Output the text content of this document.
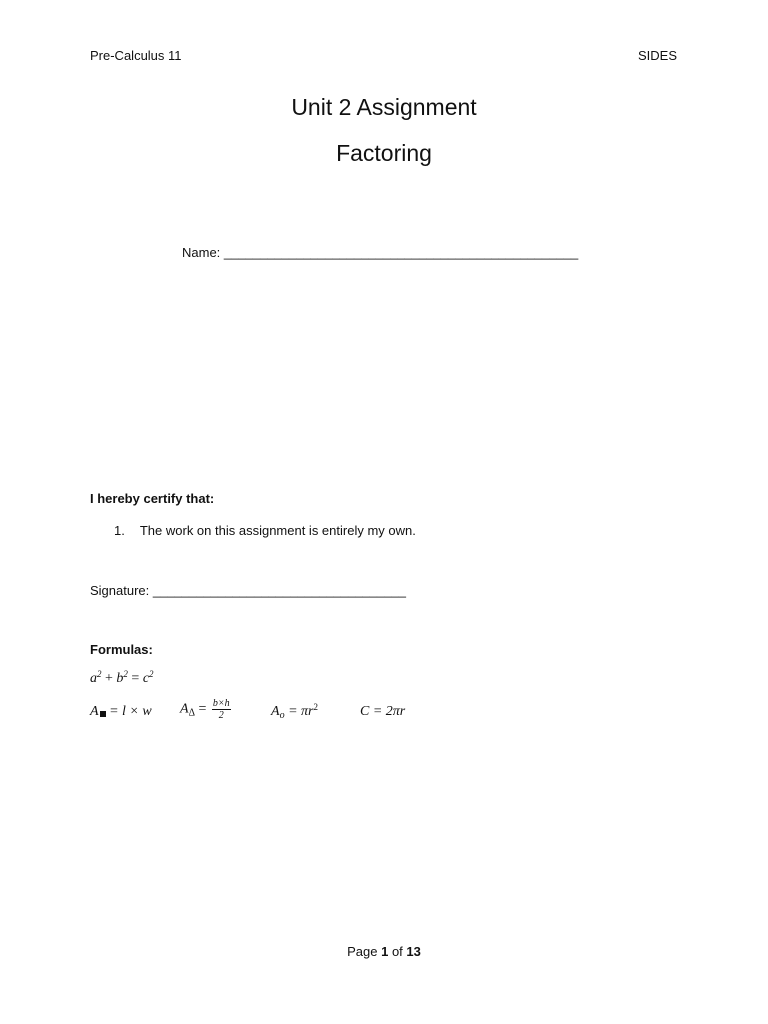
Pre-Calculus 11	SIDES
Unit 2 Assignment
Factoring
Name: _________________________________________________
I hereby certify that:
1. The work on this assignment is entirely my own.
Signature: ___________________________________
Formulas:
$a^2 + b^2 = c^2$
A = l × w $A_\Delta = \frac{b\times h}{2}$	$A_o = \pi r^2$	C = 2πr
Page 1 of 13
